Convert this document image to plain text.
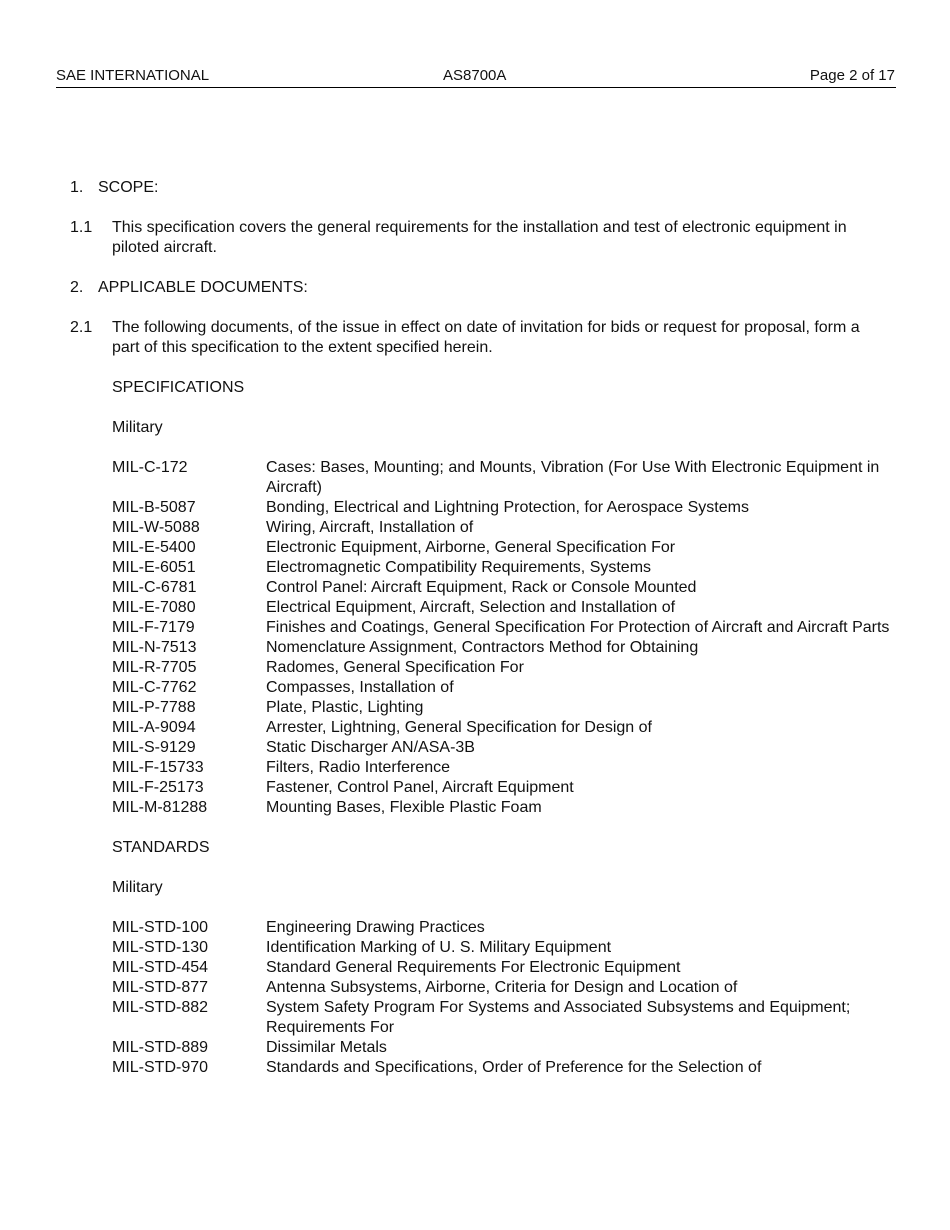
SAE INTERNATIONAL	AS8700A	Page 2 of 17
1. SCOPE:
1.1	This specification covers the general requirements for the installation and test of electronic equipment in piloted aircraft.
2. APPLICABLE DOCUMENTS:
2.1	The following documents, of the issue in effect on date of invitation for bids or request for proposal, form a part of this specification to the extent specified herein.
SPECIFICATIONS
Military
MIL-C-172	Cases: Bases, Mounting; and Mounts, Vibration (For Use With Electronic Equipment in Aircraft)
MIL-B-5087	Bonding, Electrical and Lightning Protection, for Aerospace Systems
MIL-W-5088	Wiring, Aircraft, Installation of
MIL-E-5400	Electronic Equipment, Airborne, General Specification For
MIL-E-6051	Electromagnetic Compatibility Requirements, Systems
MIL-C-6781	Control Panel: Aircraft Equipment, Rack or Console Mounted
MIL-E-7080	Electrical Equipment, Aircraft, Selection and Installation of
MIL-F-7179	Finishes and Coatings, General Specification For Protection of Aircraft and Aircraft Parts
MIL-N-7513	Nomenclature Assignment, Contractors Method for Obtaining
MIL-R-7705	Radomes, General Specification For
MIL-C-7762	Compasses, Installation of
MIL-P-7788	Plate, Plastic, Lighting
MIL-A-9094	Arrester, Lightning, General Specification for Design of
MIL-S-9129	Static Discharger AN/ASA-3B
MIL-F-15733	Filters, Radio Interference
MIL-F-25173	Fastener, Control Panel, Aircraft Equipment
MIL-M-81288	Mounting Bases, Flexible Plastic Foam
STANDARDS
Military
MIL-STD-100	Engineering Drawing Practices
MIL-STD-130	Identification Marking of U. S. Military Equipment
MIL-STD-454	Standard General Requirements For Electronic Equipment
MIL-STD-877	Antenna Subsystems, Airborne, Criteria for Design and Location of
MIL-STD-882	System Safety Program For Systems and Associated Subsystems and Equipment; Requirements For
MIL-STD-889	Dissimilar Metals
MIL-STD-970	Standards and Specifications, Order of Preference for the Selection of
